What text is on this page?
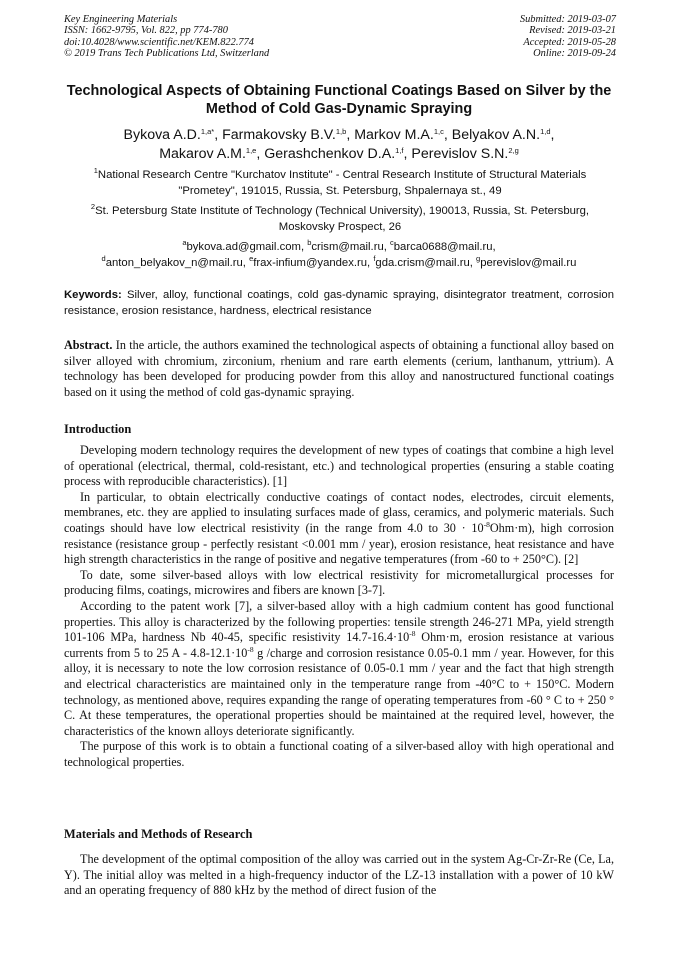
Key Engineering Materials
ISSN: 1662-9795, Vol. 822, pp 774-780
doi:10.4028/www.scientific.net/KEM.822.774
© 2019 Trans Tech Publications Ltd, Switzerland
Submitted: 2019-03-07
Revised: 2019-03-21
Accepted: 2019-05-28
Online: 2019-09-24
Technological Aspects of Obtaining Functional Coatings Based on Silver by the Method of Cold Gas-Dynamic Spraying
Bykova A.D.$^{1,a*}$, Farmakovsky B.V.$^{1,b}$, Markov M.A.$^{1,c}$, Belyakov A.N.$^{1,d}$,
Makarov A.M.$^{1,e}$, Gerashchenkov D.A.$^{1,f}$, Perevislov S.N.$^{2,g}$
$^1$National Research Centre "Kurchatov Institute" - Central Research Institute of Structural Materials "Prometey", 191015, Russia, St. Petersburg, Shpalernaya st., 49
$^2$St. Petersburg State Institute of Technology (Technical University), 190013, Russia, St. Petersburg, Moskovsky Prospect, 26
$^a$bykova.ad@gmail.com, $^b$crism@mail.ru, $^c$barca0688@mail.ru,
$^d$anton_belyakov_n@mail.ru, $^e$frax-infium@yandex.ru, $^f$gda.crism@mail.ru, $^g$perevislov@mail.ru
Keywords: Silver, alloy, functional coatings, cold gas-dynamic spraying, disintegrator treatment, corrosion resistance, erosion resistance, hardness, electrical resistance

Abstract. In the article, the authors examined the technological aspects of obtaining a functional alloy based on silver alloyed with chromium, zirconium, rhenium and rare earth elements (cerium, lanthanum, yttrium). A technology has been developed for producing powder from this alloy and nanostructured functional coatings based on it using the method of cold gas-dynamic spraying.

Introduction

Developing modern technology requires the development of new types of coatings that combine a high level of operational (electrical, thermal, cold-resistant, etc.) and technological properties (ensuring a stable coating process with reproducible characteristics). [1]

In particular, to obtain electrically conductive coatings of contact nodes, electrodes, circuit elements, membranes, etc. they are applied to insulating surfaces made of glass, ceramics, and polymeric materials. Such coatings should have low electrical resistivity (in the range from 4.0 to $30 \cdot 10^{-8}Ohm\cdot m$), high corrosion resistance (resistance group - perfectly resistant <0.001 mm / year), erosion resistance, heat resistance and have high strength characteristics in the range of positive and negative temperatures (from -60 to + 250°C). [2]

To date, some silver-based alloys with low electrical resistivity for micrometallurgical processes for producing films, coatings, microwires and fibers are known [3-7].

According to the patent work [7], a silver-based alloy with a high cadmium content has good functional properties. This alloy is characterized by the following properties: tensile strength 246-271 MPa, yield strength 101-106 MPa, hardness Nb 40-45, specific resistivity $14.7-16.4\cdot 10^{-8}$ Ohm·m, erosion resistance at various currents from 5 to 25 $A - 4.8-12.1\cdot 10^{-8}$ g /charge and corrosion resistance 0.05-0.1 mm / year. However, for this alloy, it is necessary to note the low corrosion resistance of 0.05-0.1 mm / year and the fact that high strength and electrical characteristics are maintained only in the temperature range from -40°C to + 150°C. Modern technology, as mentioned above, requires expanding the range of operating temperatures from -60 ° C to + 250 ° C. At these temperatures, the operational properties should be maintained at the required level, however, the characteristics of the known alloys deteriorate significantly.

The purpose of this work is to obtain a functional coating of a silver-based alloy with high operational and technological properties.

Materials and Methods of Research

The development of the optimal composition of the alloy was carried out in the system Ag-Cr-Zr-Re (Ce, La, Y). The initial alloy was melted in a high-frequency inductor of the LZ-13 installation with a power of 10 kW and an operating frequency of 880 kHz by the method of direct fusion of the
